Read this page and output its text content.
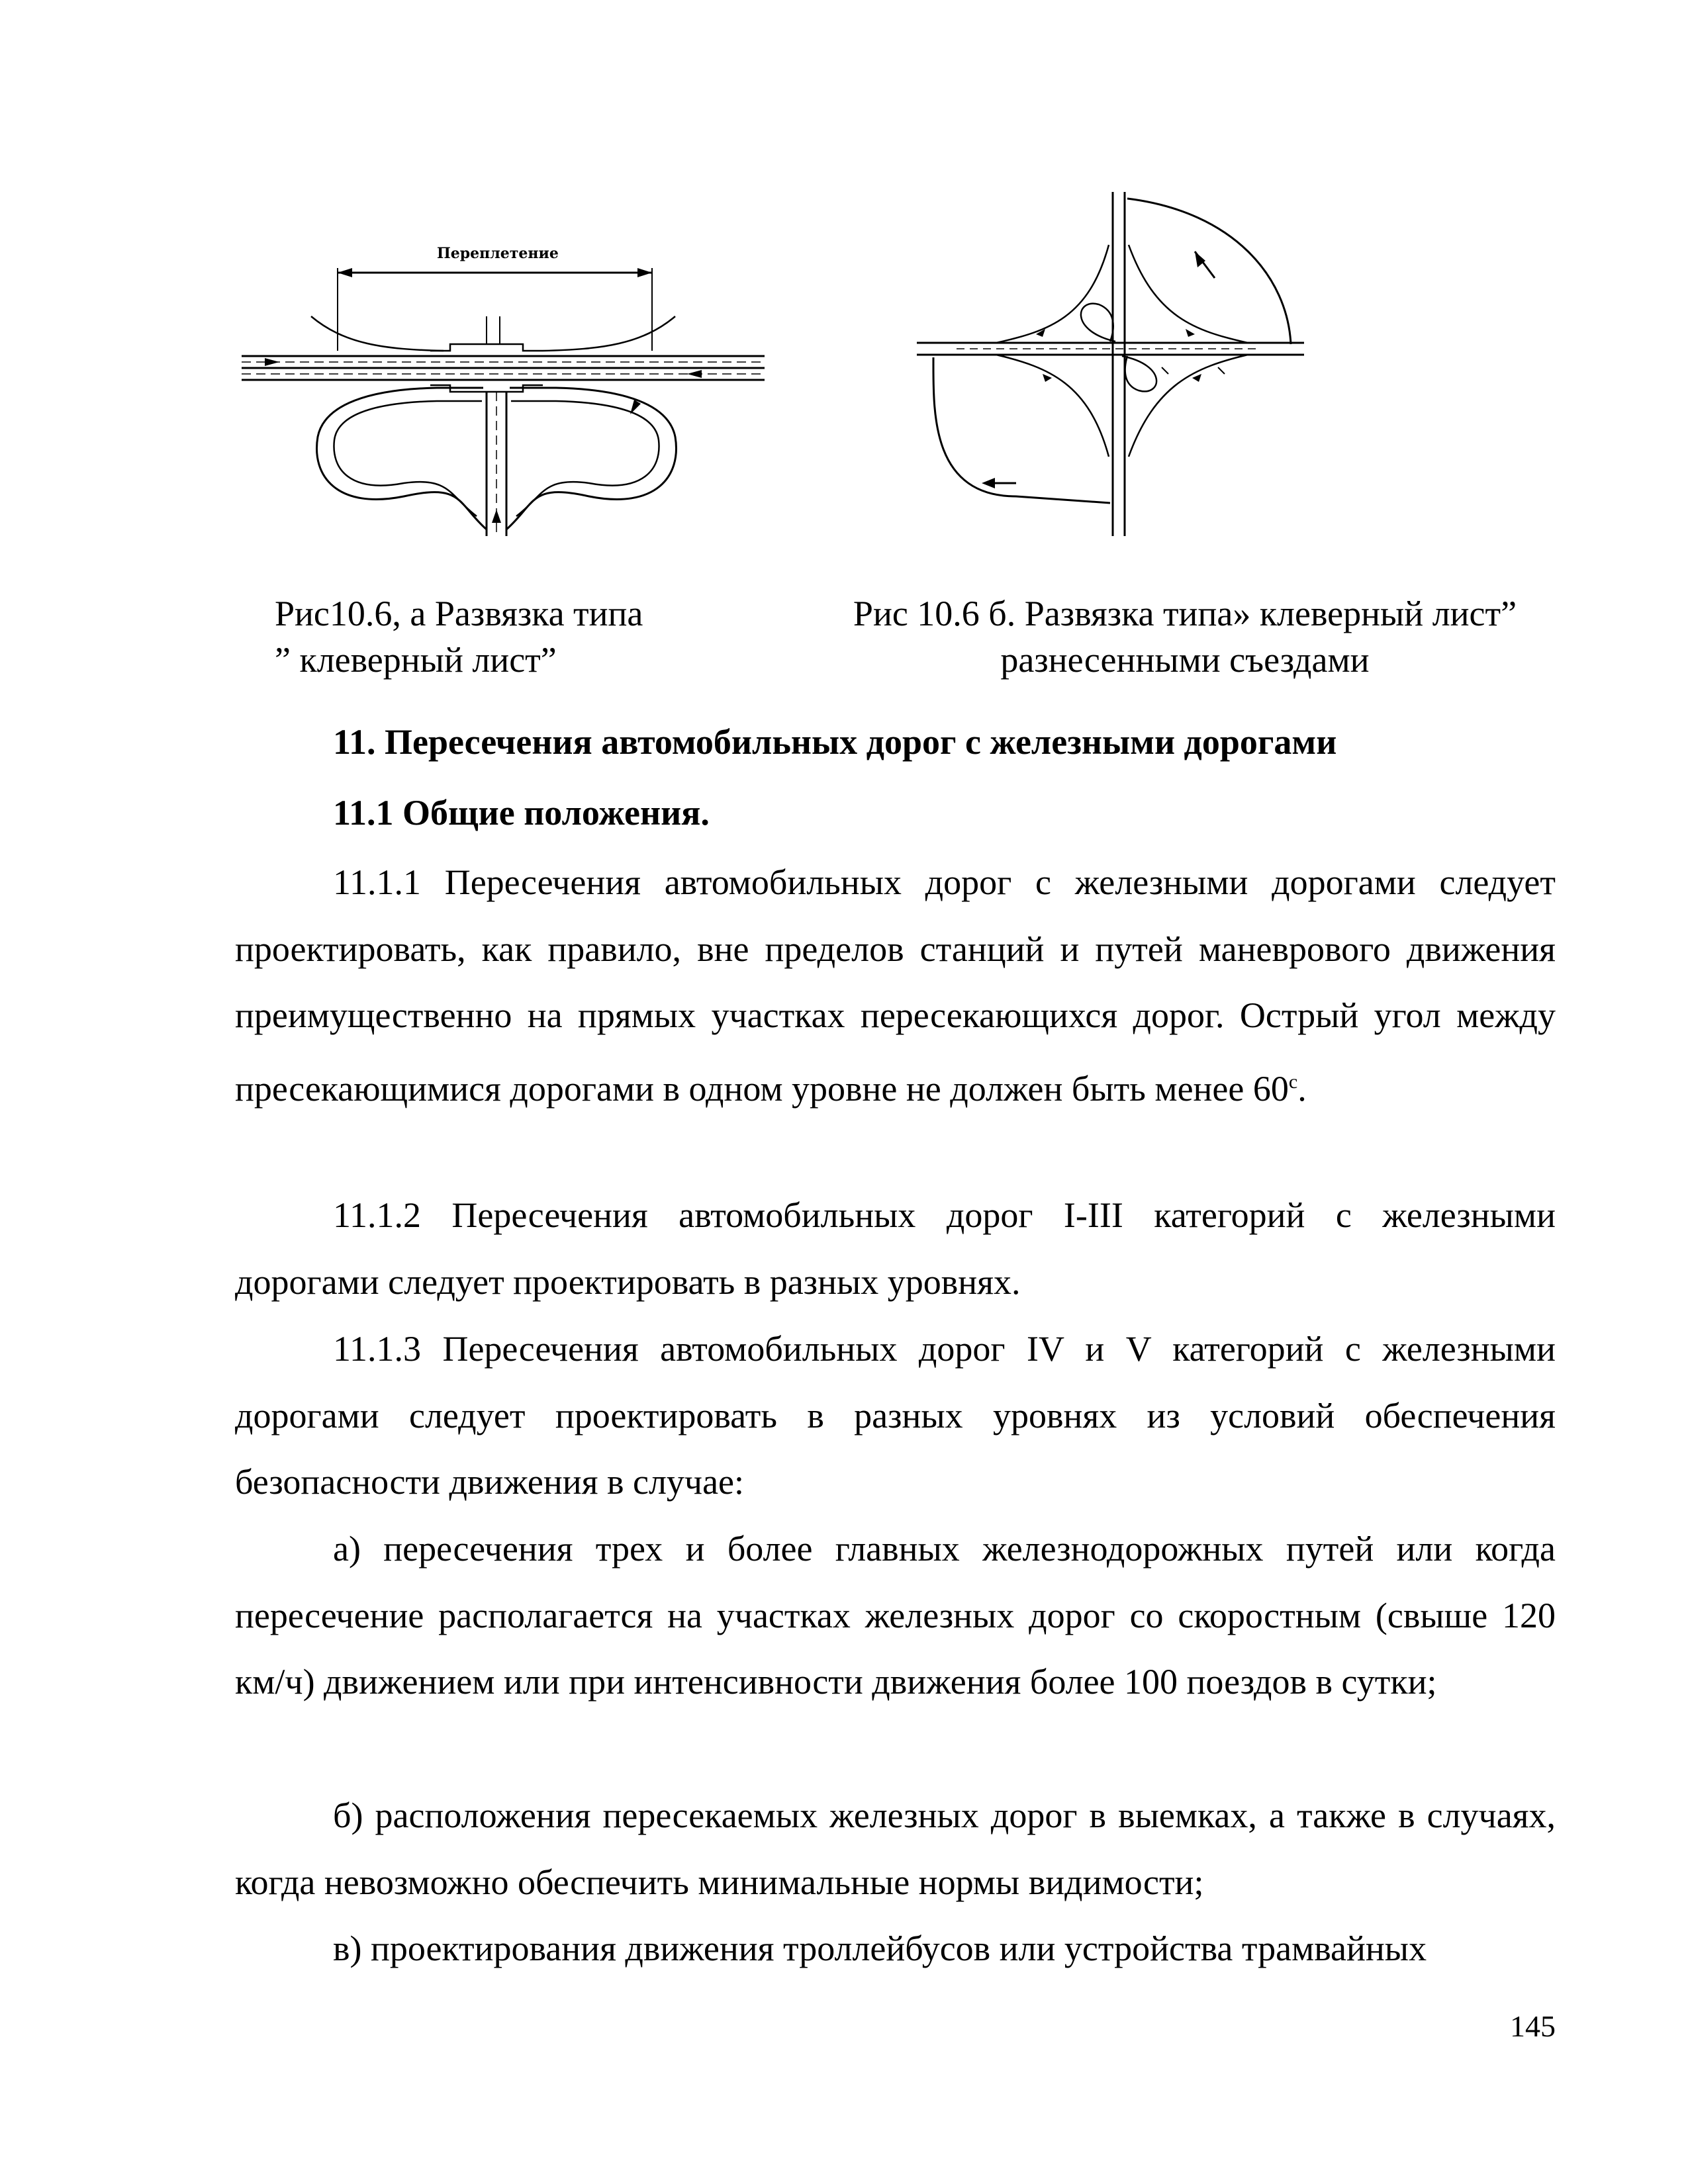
Переплетение
Рис10.6, а Развязка типа
” клеверный лист”
Рис 10.6 б. Развязка типа» клеверный лист”
разнесенными съездами
11. Пересечения автомобильных дорог с железными дорогами
11.1 Общие положения.

11.1.1 Пересечения автомобильных дорог с железными дорогами следует проектировать, как правило, вне пределов станций и путей маневрового движения преимущественно на прямых участках пересекающихся дорог. Острый угол между пресекающимися дорогами в одном уровне не должен быть менее $60^с$.

11.1.2 Пересечения автомобильных дорог I-III категорий с железными дорогами следует проектировать в разных уровнях.

11.1.3 Пересечения автомобильных дорог IV и V категорий с железными дорогами следует проектировать в разных уровнях из условий обеспечения безопасности движения в случае:

а) пересечения трех и более главных железнодорожных путей или когда пересечение располагается на участках железных дорог со скоростным (свыше 120 км/ч) движением или при интенсивности движения более 100 поездов в сутки;

б) расположения пересекаемых железных дорог в выемках, а также в случаях, когда невозможно обеспечить минимальные нормы видимости;

в) проектирования движения троллейбусов или устройства трамвайных

145
